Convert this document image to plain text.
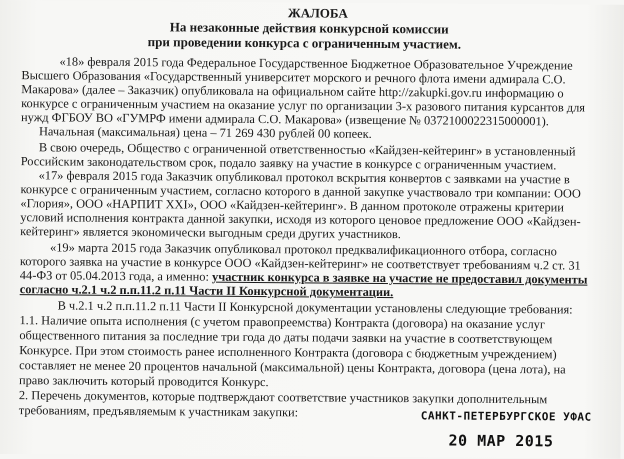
ЖАЛОБА
На незаконные действия конкурсной комиссии
при проведении конкурса с ограниченным участием.
«18» февраля 2015 года Федеральное Государственное Бюджетное Образовательное Учреждение
Высшего Образования «Государственный университет морского и речного флота имени адмирала С.О.
Макарова» (далее – Заказчик) опубликовала на официальном сайте http://zakupki.gov.ru информацию о
конкурсе с ограниченным участием на оказание услуг по организации 3-х разового питания курсантов для
нужд ФГБОУ ВО «ГУМРФ имени адмирала С.О. Макарова» (извещение № 0372100022315000001).
Начальная (максимальная) цена – 71 269 430 рублей 00 копеек.
В свою очередь, Общество с ограниченной ответственностью «Кайдзен-кейтеринг» в установленный
Российским законодательством срок, подало заявку на участие в конкурсе с ограниченным участием.
«17» февраля 2015 года Заказчик опубликовал протокол вскрытия конвертов с заявками на участие в
конкурсе с ограниченным участием, согласно которого в данной закупке участвовало три компании: ООО
«Глория», ООО «НАРПИТ XXI», ООО «Кайдзен-кейтеринг». В данном протоколе отражены критерии
условий исполнения контракта данной закупки, исходя из которого ценовое предложение ООО «Кайдзен-
кейтеринг» является экономически выгодным среди других участников.
«19» марта 2015 года Заказчик опубликовал протокол предквалификационного отбора, согласно
которого заявка на участие в конкурсе ООО «Кайдзен-кейтеринг» не соответствует требованиям ч.2 ст. 31
44-ФЗ от 05.04.2013 года, а именно: участник конкурса в заявке на участие не предоставил документы
согласно ч.2.1 ч.2 п.п.11.2 п.11 Части II Конкурсной документации.
В ч.2.1 ч.2 п.п.11.2 п.11 Части II Конкурсной документации установлены следующие требования:
1.1. Наличие опыта исполнения (с учетом правопреемства) Контракта (договора) на оказание услуг
общественного питания за последние три года до даты подачи заявки на участие в соответствующем
Конкурсе. При этом стоимость ранее исполненного Контракта (договора с бюджетным учреждением)
составляет не менее 20 процентов начальной (максимальной) цены Контракта, договора (цена лота), на
право заключить который проводится Конкурс.
2. Перечень документов, которые подтверждают соответствие участников закупки дополнительным
требованиям, предъявляемым к участникам закупки:	САНКТ-ПЕТЕРБУРГСКОЕ УФАС
20 МАР 2015
